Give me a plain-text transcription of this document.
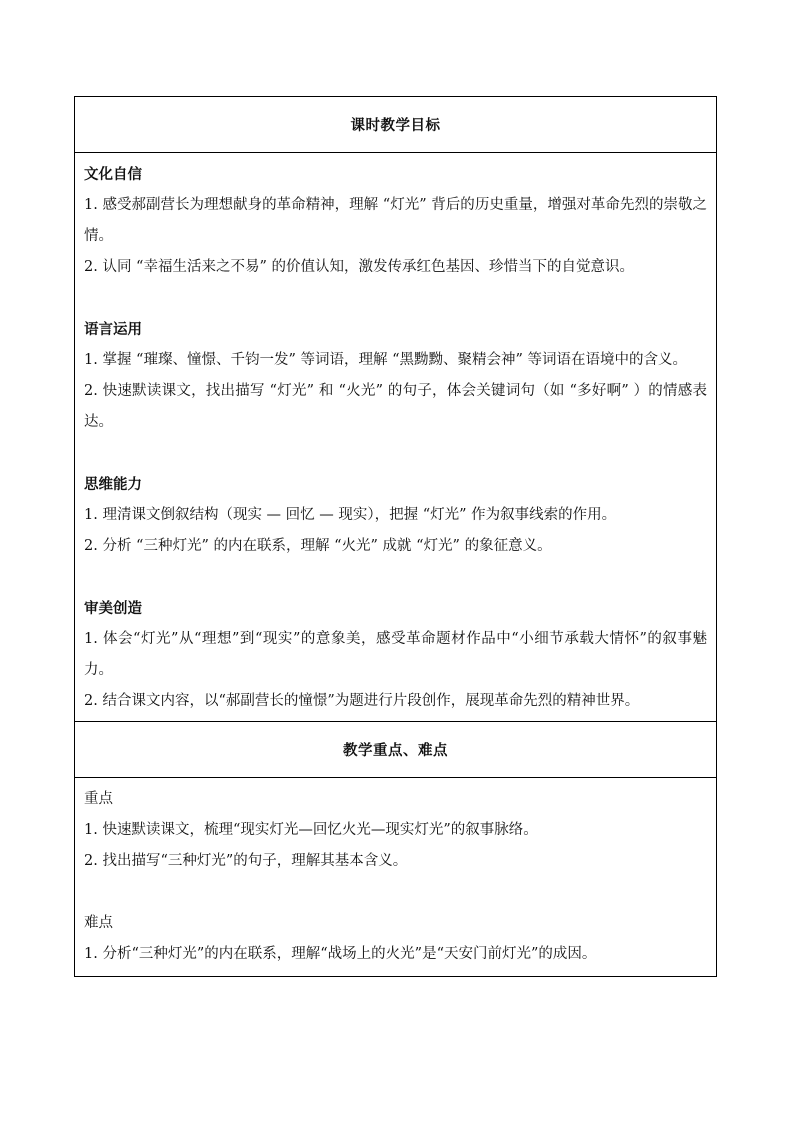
课时教学目标
文化自信
1. 感受郝副营长为理想献身的革命精神，理解 “灯光” 背后的历史重量，增强对革命先烈的崇敬之情。
2. 认同 “幸福生活来之不易” 的价值认知，激发传承红色基因、珍惜当下的自觉意识。
语言运用
1. 掌握 “璀璨、憧憬、千钧一发” 等词语，理解 “黑黝黝、聚精会神” 等词语在语境中的含义。
2. 快速默读课文，找出描写 “灯光” 和 “火光” 的句子，体会关键词句（如 “多好啊” ）的情感表达。
思维能力
1. 理清课文倒叙结构（现实 — 回忆 — 现实），把握 “灯光” 作为叙事线索的作用。
2. 分析 “三种灯光” 的内在联系，理解 “火光” 成就 “灯光” 的象征意义。
审美创造
1. 体会“灯光”从“理想”到“现实”的意象美，感受革命题材作品中“小细节承载大情怀”的叙事魅力。
2. 结合课文内容，以“郝副营长的憧憬”为题进行片段创作，展现革命先烈的精神世界。
教学重点、难点
重点
1. 快速默读课文，梳理“现实灯光—回忆火光—现实灯光”的叙事脉络。
2. 找出描写“三种灯光”的句子，理解其基本含义。
难点
1. 分析“三种灯光”的内在联系，理解“战场上的火光”是“天安门前灯光”的成因。
